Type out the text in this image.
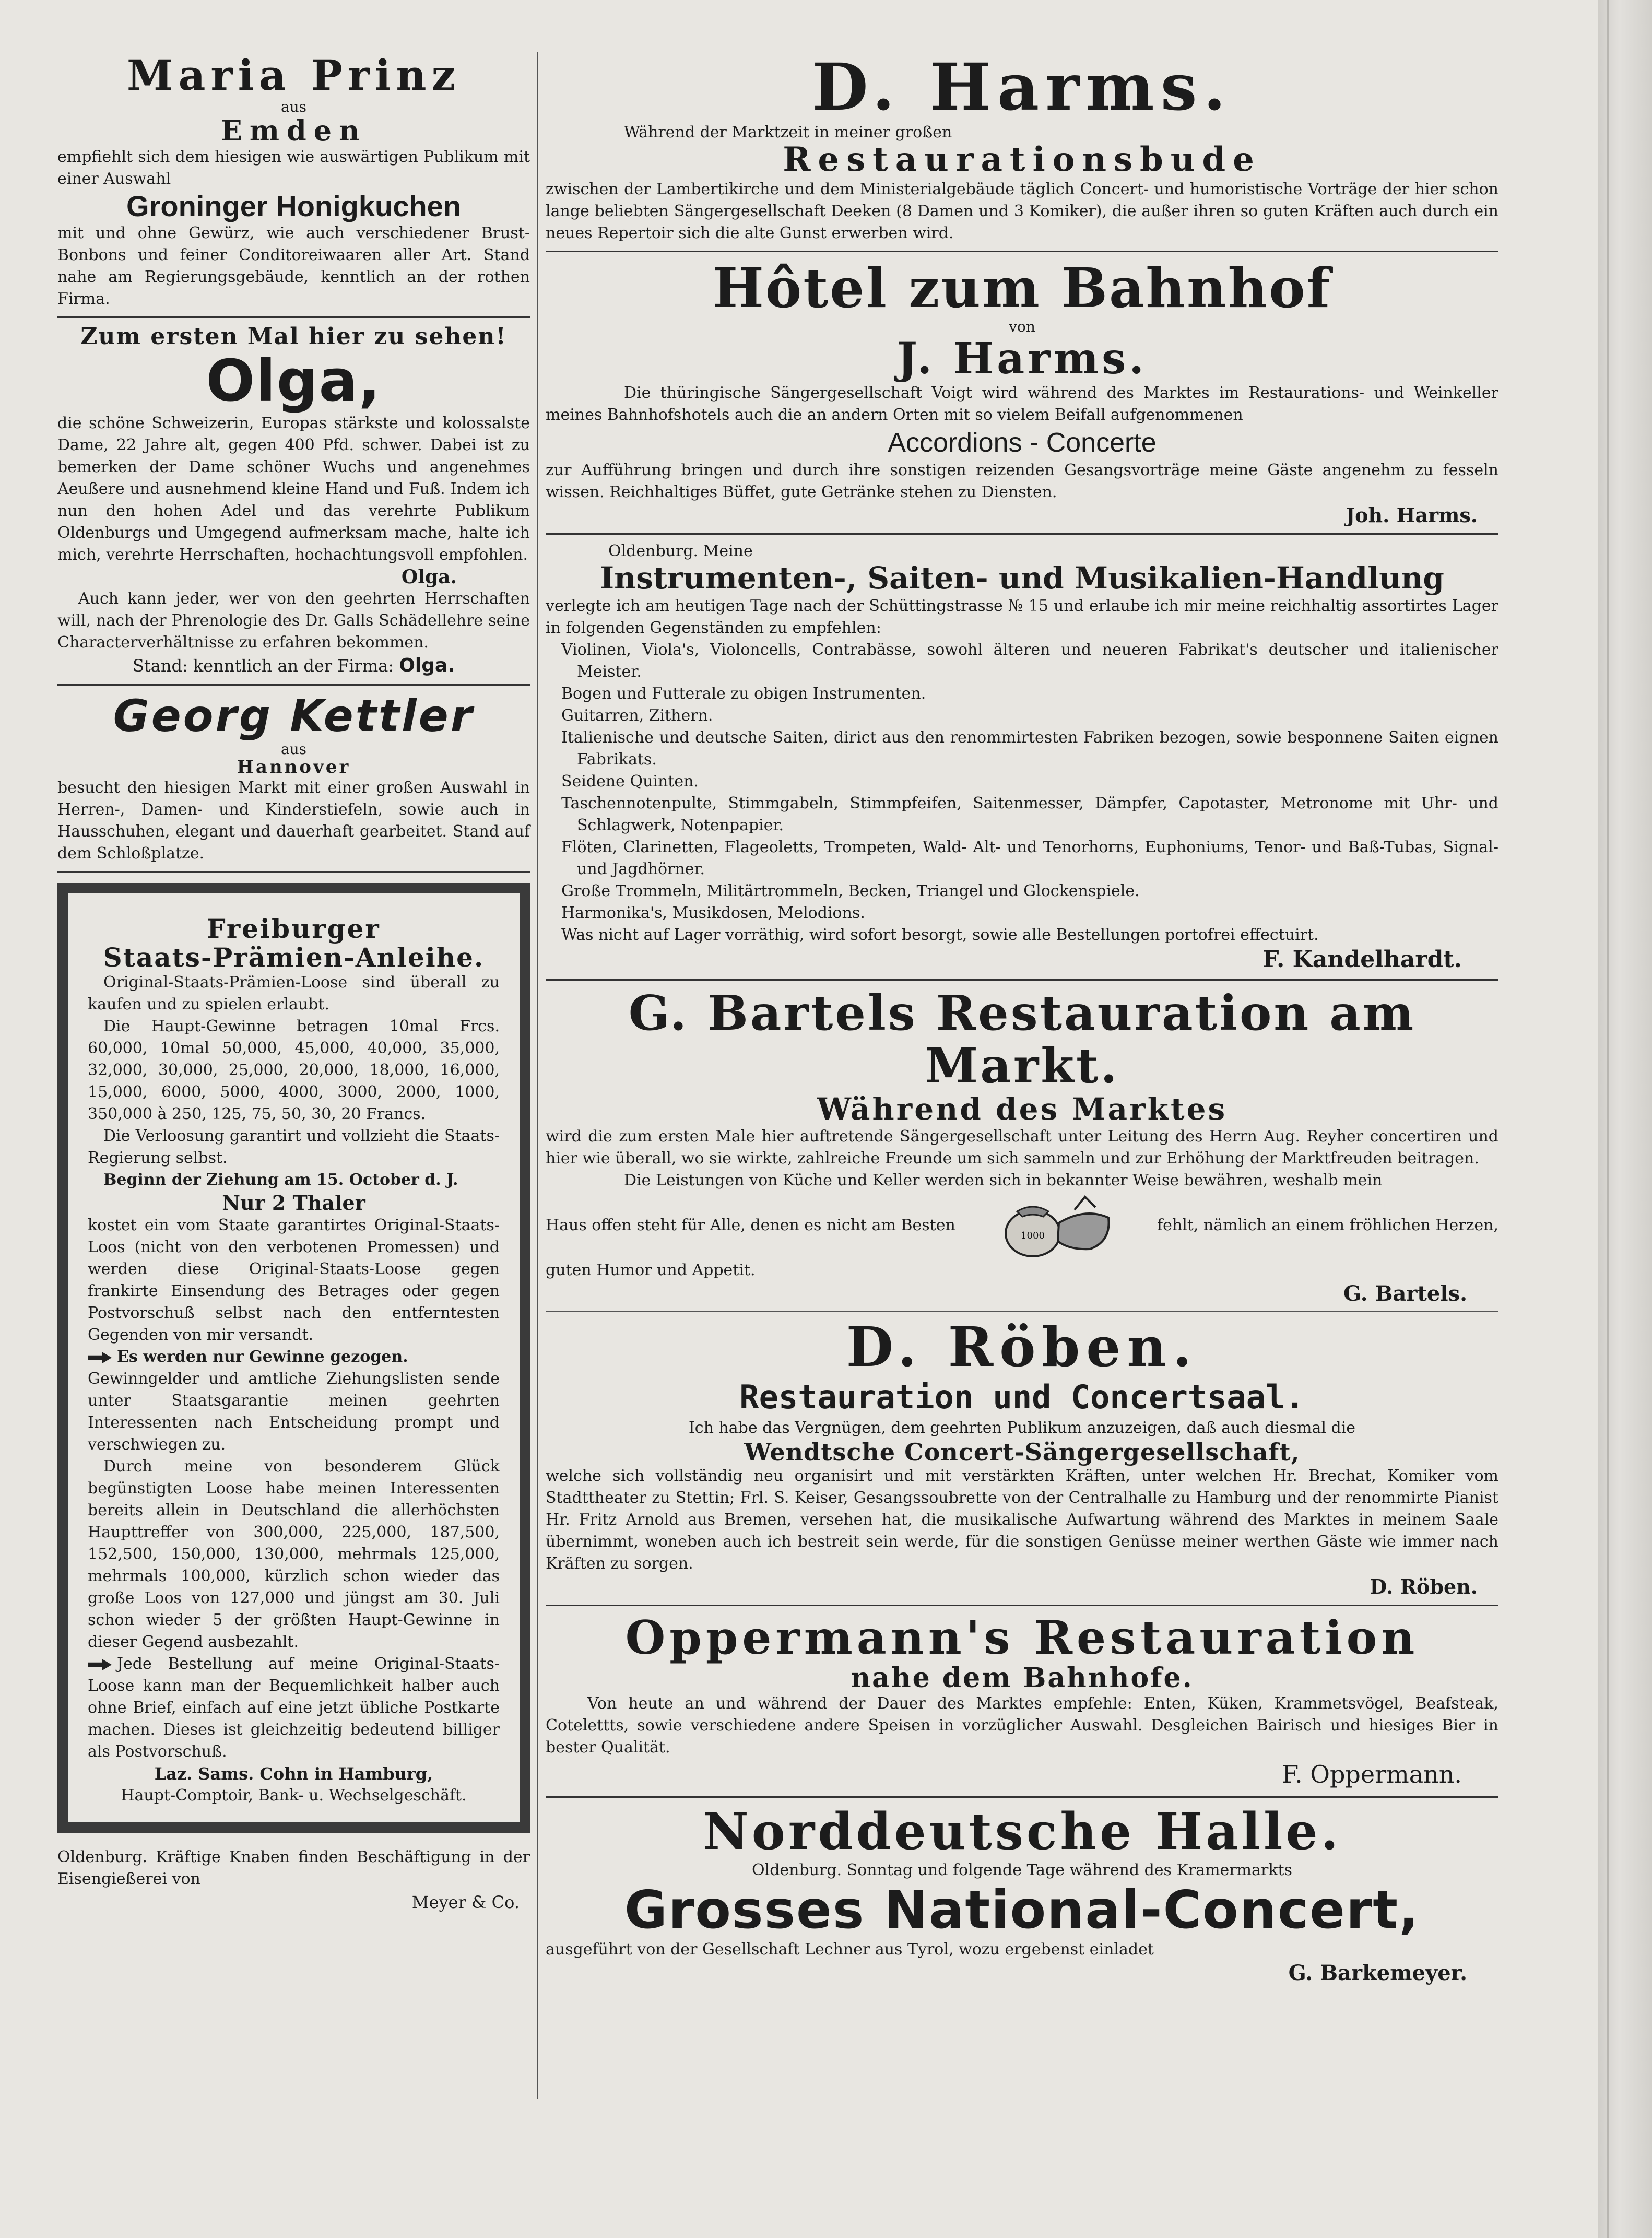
Maria Prinz

aus

Emden

empfiehlt sich dem hiesigen wie auswärtigen Publikum mit einer Auswahl

Groninger Honigkuchen

mit und ohne Gewürz, wie auch verschiedener Brust-Bonbons und feiner Conditoreiwaaren aller Art. Stand nahe am Regierungsgebäude, kenntlich an der rothen Firma.

Zum ersten Mal hier zu sehen!

Olga,

die schöne Schweizerin, Europas stärkste und kolossalste Dame, 22 Jahre alt, gegen 400 Pfd. schwer. Dabei ist zu bemerken der Dame schöner Wuchs und angenehmes Aeußere und ausnehmend kleine Hand und Fuß. Indem ich nun den hohen Adel und das verehrte Publikum Oldenburgs und Umgegend aufmerksam mache, halte ich mich, verehrte Herrschaften, hochachtungsvoll empfohlen.

Olga.

Auch kann jeder, wer von den geehrten Herrschaften will, nach der Phrenologie des Dr. Galls Schädellehre seine Characterverhältnisse zu erfahren bekommen.

Stand: kenntlich an der Firma: Olga.

Georg Kettler

aus

Hannover

besucht den hiesigen Markt mit einer großen Auswahl in Herren-, Damen- und Kinderstiefeln, sowie auch in Hausschuhen, elegant und dauerhaft gearbeitet. Stand auf dem Schloßplatze.

Freiburger

Staats-Prämien-Anleihe.

Original-Staats-Prämien-Loose sind überall zu kaufen und zu spielen erlaubt.

Die Haupt-Gewinne betragen 10mal Frcs. 60,000, 10mal 50,000, 45,000, 40,000, 35,000, 32,000, 30,000, 25,000, 20,000, 18,000, 16,000, 15,000, 6000, 5000, 4000, 3000, 2000, 1000, 350,000 à 250, 125, 75, 50, 30, 20 Francs.

Die Verloosung garantirt und vollzieht die Staats-Regierung selbst.

Beginn der Ziehung am 15. October d. J.

Nur 2 Thaler

kostet ein vom Staate garantirtes Original-Staats-Loos (nicht von den verbotenen Promessen) und werden diese Original-Staats-Loose gegen frankirte Einsendung des Betrages oder gegen Postvorschuß selbst nach den entferntesten Gegenden von mir versandt.

Es werden nur Gewinne gezogen.

Gewinngelder und amtliche Ziehungslisten sende unter Staatsgarantie meinen geehrten Interessenten nach Entscheidung prompt und verschwiegen zu.

Durch meine von besonderem Glück begünstigten Loose habe meinen Interessenten bereits allein in Deutschland die allerhöchsten Haupttreffer von 300,000, 225,000, 187,500, 152,500, 150,000, 130,000, mehrmals 125,000, mehrmals 100,000, kürzlich schon wieder das große Loos von 127,000 und jüngst am 30. Juli schon wieder 5 der größten Haupt-Gewinne in dieser Gegend ausbezahlt.

Jede Bestellung auf meine Original-Staats-Loose kann man der Bequemlichkeit halber auch ohne Brief, einfach auf eine jetzt übliche Postkarte machen. Dieses ist gleichzeitig bedeutend billiger als Postvorschuß.

Laz. Sams. Cohn in Hamburg,

Haupt-Comptoir, Bank- u. Wechselgeschäft.

Oldenburg. Kräftige Knaben finden Beschäftigung in der Eisengießerei von

Meyer & Co.

D. Harms.

Während der Marktzeit in meiner großen

Restaurationsbude

zwischen der Lambertikirche und dem Ministerialgebäude täglich Concert- und humoristische Vorträge der hier schon lange beliebten Sängergesellschaft Deeken (8 Damen und 3 Komiker), die außer ihren so guten Kräften auch durch ein neues Repertoir sich die alte Gunst erwerben wird.

Hôtel zum Bahnhof

von

J. Harms.

Die thüringische Sängergesellschaft Voigt wird während des Marktes im Restaurations- und Weinkeller meines Bahnhofshotels auch die an andern Orten mit so vielem Beifall aufgenommenen

Accordions - Concerte

zur Aufführung bringen und durch ihre sonstigen reizenden Gesangsvorträge meine Gäste angenehm zu fesseln wissen. Reichhaltiges Büffet, gute Getränke stehen zu Diensten.

Joh. Harms.

Oldenburg. Meine

Instrumenten-, Saiten- und Musikalien-Handlung

verlegte ich am heutigen Tage nach der Schüttingstrasse № 15 und erlaube ich mir meine reichhaltig assortirtes Lager in folgenden Gegenständen zu empfehlen:

Violinen, Viola's, Violoncells, Contrabässe, sowohl älteren und neueren Fabrikat's deutscher und italienischer Meister.

Bogen und Futterale zu obigen Instrumenten.

Guitarren, Zithern.

Italienische und deutsche Saiten, dirict aus den renommirtesten Fabriken bezogen, sowie besponnene Saiten eignen Fabrikats.

Seidene Quinten.

Taschennotenpulte, Stimmgabeln, Stimmpfeifen, Saitenmesser, Dämpfer, Capotaster, Metronome mit Uhr- und Schlagwerk, Notenpapier.

Flöten, Clarinetten, Flageoletts, Trompeten, Wald- Alt- und Tenorhorns, Euphoniums, Tenor- und Baß-Tubas, Signal- und Jagdhörner.

Große Trommeln, Militärtrommeln, Becken, Triangel und Glockenspiele.

Harmonika's, Musikdosen, Melodions.

Was nicht auf Lager vorräthig, wird sofort besorgt, sowie alle Bestellungen portofrei effectuirt.

F. Kandelhardt.

G. Bartels Restauration am Markt.

Während des Marktes

wird die zum ersten Male hier auftretende Sängergesellschaft unter Leitung des Herrn Aug. Reyher concertiren und hier wie überall, wo sie wirkte, zahlreiche Freunde um sich sammeln und zur Erhöhung der Marktfreuden beitragen.

Die Leistungen von Küche und Keller werden sich in bekannter Weise bewähren, weshalb mein

Haus offen steht für Alle, denen es nicht am Besten
1000
fehlt, nämlich an einem fröhlichen Herzen,

guten Humor und Appetit.

G. Bartels.

D. Röben.

Restauration und Concertsaal.

Ich habe das Vergnügen, dem geehrten Publikum anzuzeigen, daß auch diesmal die

Wendtsche Concert-Sängergesellschaft,

welche sich vollständig neu organisirt und mit verstärkten Kräften, unter welchen Hr. Brechat, Komiker vom Stadttheater zu Stettin; Frl. S. Keiser, Gesangssoubrette von der Centralhalle zu Hamburg und der renommirte Pianist Hr. Fritz Arnold aus Bremen, versehen hat, die musikalische Aufwartung während des Marktes in meinem Saale übernimmt, woneben auch ich bestreit sein werde, für die sonstigen Genüsse meiner werthen Gäste wie immer nach Kräften zu sorgen.

D. Röben.

Oppermann's Restauration

nahe dem Bahnhofe.

Von heute an und während der Dauer des Marktes empfehle: Enten, Küken, Krammetsvögel, Beafsteak, Cotelettts, sowie verschiedene andere Speisen in vorzüglicher Auswahl. Desgleichen Bairisch und hiesiges Bier in bester Qualität.

F. Oppermann.

Norddeutsche Halle.

Oldenburg. Sonntag und folgende Tage während des Kramermarkts

Grosses National-Concert,

ausgeführt von der Gesellschaft Lechner aus Tyrol, wozu ergebenst einladet

G. Barkemeyer.
